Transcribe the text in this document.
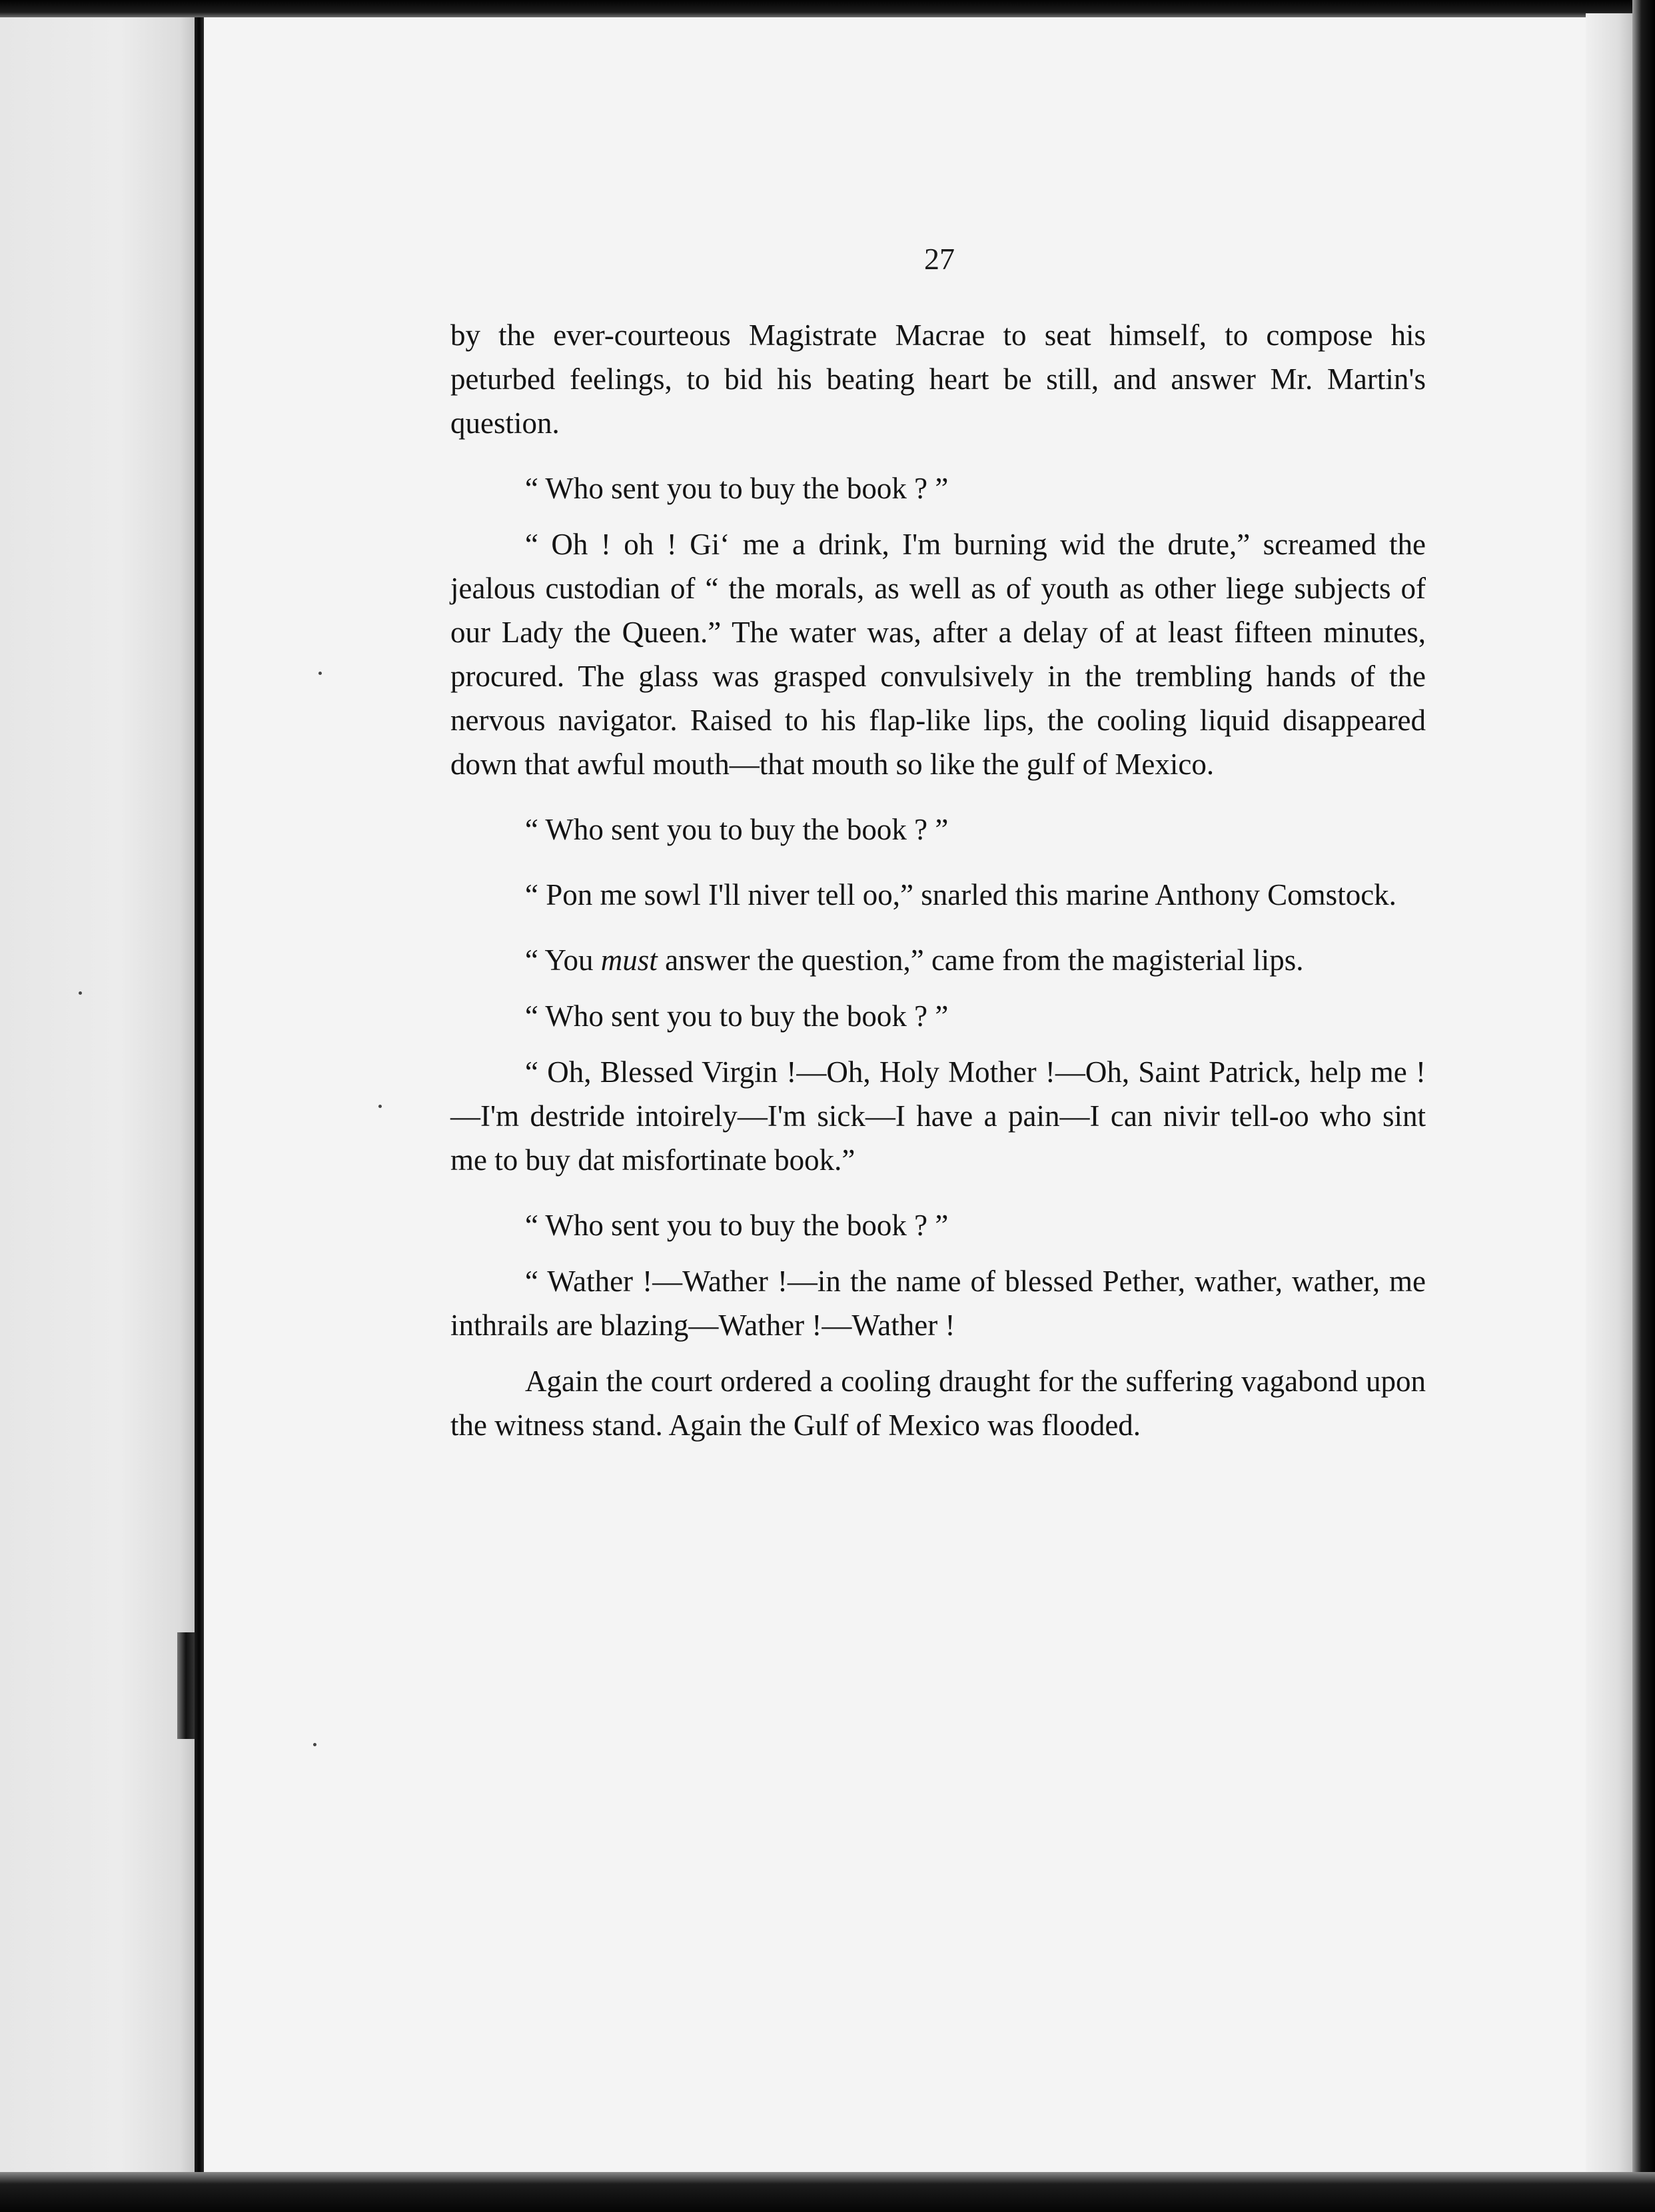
27

by the ever-courteous Magistrate Macrae to seat himself, to compose his peturbed feelings, to bid his beating heart be still, and answer Mr. Martin's question.

“ Who sent you to buy the book ? ”

“ Oh ! oh ! Gi‘ me a drink, I'm burning wid the drute,” screamed the jealous custodian of “ the morals, as well as of youth as other liege subjects of our Lady the Queen.” The water was, after a delay of at least fifteen minutes, procured. The glass was grasped convulsively in the trembling hands of the nervous navigator. Raised to his flap-like lips, the cooling liquid disappeared down that awful mouth—that mouth so like the gulf of Mexico.

“ Who sent you to buy the book ? ”

“ Pon me sowl I'll niver tell oo,” snarled this marine Anthony Comstock.

“ You must answer the question,” came from the magisterial lips.

“ Who sent you to buy the book ? ”

“ Oh, Blessed Virgin !—Oh, Holy Mother !—Oh, Saint Patrick, help me !—I'm destride intoirely—I'm sick—I have a pain—I can nivir tell-oo who sint me to buy dat misfortinate book.”

“ Who sent you to buy the book ? ”

“ Wather !—Wather !—in the name of blessed Pether, wather, wather, me inthrails are blazing—Wather !—Wather !

Again the court ordered a cooling draught for the suffering vagabond upon the witness stand. Again the Gulf of Mexico was flooded.
